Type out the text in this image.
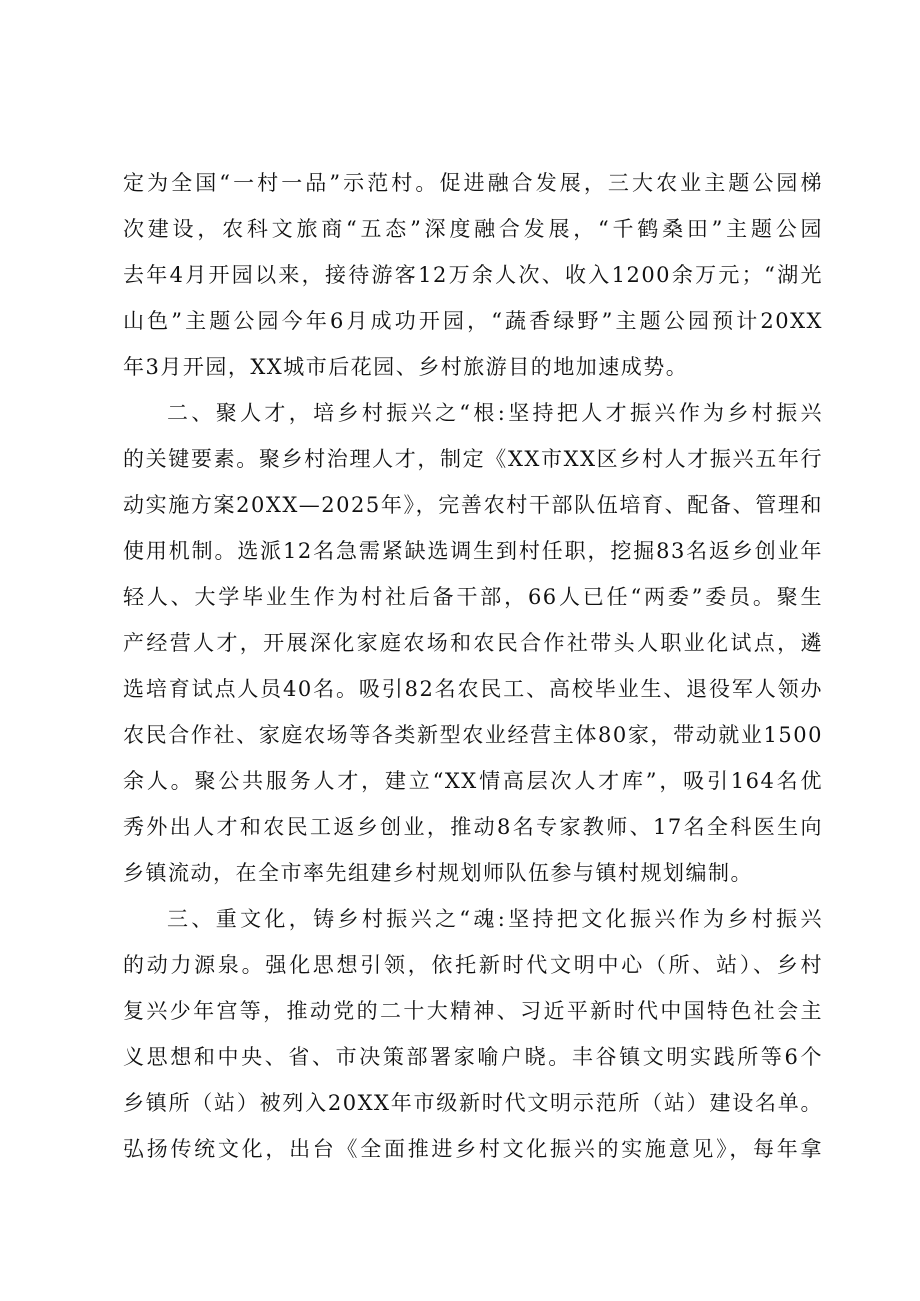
定为全国“一村一品”示范村。促进融合发展，三大农业主题公园梯
次建设，农科文旅商“五态”深度融合发展，“千鹤桑田”主题公园
去年4月开园以来，接待游客12万余人次、收入1200余万元；“湖光
山色”主题公园今年6月成功开园，“蔬香绿野”主题公园预计20XX
年3月开园，XX城市后花园、乡村旅游目的地加速成势。
二、聚人才，培乡村振兴之“根:坚持把人才振兴作为乡村振兴
的关键要素。聚乡村治理人才，制定《XX市XX区乡村人才振兴五年行
动实施方案20XX—2025年》，完善农村干部队伍培育、配备、管理和
使用机制。选派12名急需紧缺选调生到村任职，挖掘83名返乡创业年
轻人、大学毕业生作为村社后备干部，66人已任“两委”委员。聚生
产经营人才，开展深化家庭农场和农民合作社带头人职业化试点，遴
选培育试点人员40名。吸引82名农民工、高校毕业生、退役军人领办
农民合作社、家庭农场等各类新型农业经营主体80家，带动就业1500
余人。聚公共服务人才，建立“XX情高层次人才库”，吸引164名优
秀外出人才和农民工返乡创业，推动8名专家教师、17名全科医生向
乡镇流动，在全市率先组建乡村规划师队伍参与镇村规划编制。
三、重文化，铸乡村振兴之“魂:坚持把文化振兴作为乡村振兴
的动力源泉。强化思想引领，依托新时代文明中心（所、站）、乡村
复兴少年宫等，推动党的二十大精神、习近平新时代中国特色社会主
义思想和中央、省、市决策部署家喻户晓。丰谷镇文明实践所等6个
乡镇所（站）被列入20XX年市级新时代文明示范所（站）建设名单。
弘扬传统文化，出台《全面推进乡村文化振兴的实施意见》，每年拿
